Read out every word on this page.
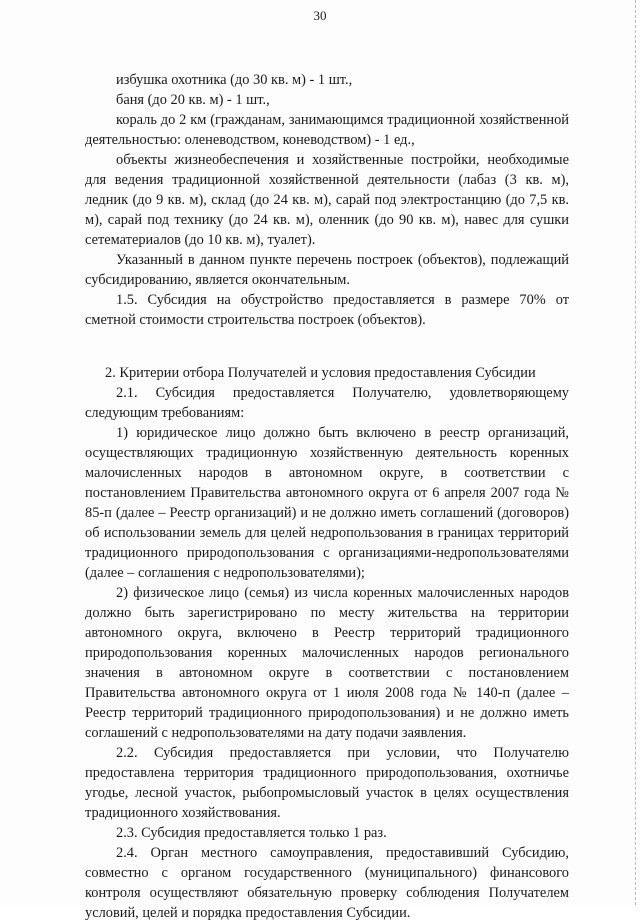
30

избушка охотника (до 30 кв. м) - 1 шт.,

баня (до 20 кв. м) - 1 шт.,

кораль до 2 км (гражданам, занимающимся традиционной хозяйственной деятельностью: оленеводством, коневодством) - 1 ед.,

объекты жизнеобеспечения и хозяйственные постройки, необходимые для ведения традиционной хозяйственной деятельности (лабаз (3 кв. м), ледник (до 9 кв. м), склад (до 24 кв. м), сарай под электростанцию (до 7,5 кв. м), сарай под технику (до 24 кв. м), оленник (до 90 кв. м), навес для сушки сетематериалов (до 10 кв. м), туалет).

Указанный в данном пункте перечень построек (объектов), подлежащий субсидированию, является окончательным.

1.5. Субсидия на обустройство предоставляется в размере 70% от сметной стоимости строительства построек (объектов).

2. Критерии отбора Получателей и условия предоставления Субсидии

2.1. Субсидия предоставляется Получателю, удовлетворяющему следующим требованиям:

1) юридическое лицо должно быть включено в реестр организаций, осуществляющих традиционную хозяйственную деятельность коренных малочисленных народов в автономном округе, в соответствии с постановлением Правительства автономного округа от 6 апреля 2007 года № 85-п (далее – Реестр организаций) и не должно иметь соглашений (договоров) об использовании земель для целей недропользования в границах территорий традиционного природопользования с организациями-недропользователями (далее – соглашения с недропользователями);

2) физическое лицо (семья) из числа коренных малочисленных народов должно быть зарегистрировано по месту жительства на территории автономного округа, включено в Реестр территорий традиционного природопользования коренных малочисленных народов регионального значения в автономном округе в соответствии с постановлением Правительства автономного округа от 1 июля 2008 года № 140-п (далее – Реестр территорий традиционного природопользования) и не должно иметь соглашений с недропользователями на дату подачи заявления.

2.2. Субсидия предоставляется при условии, что Получателю предоставлена территория традиционного природопользования, охотничье угодье, лесной участок, рыбопромысловый участок в целях осуществления традиционного хозяйствования.

2.3. Субсидия предоставляется только 1 раз.

2.4. Орган местного самоуправления, предоставивший Субсидию, совместно с органом государственного (муниципального) финансового контроля осуществляют обязательную проверку соблюдения Получателем условий, целей и порядка предоставления Субсидии.
